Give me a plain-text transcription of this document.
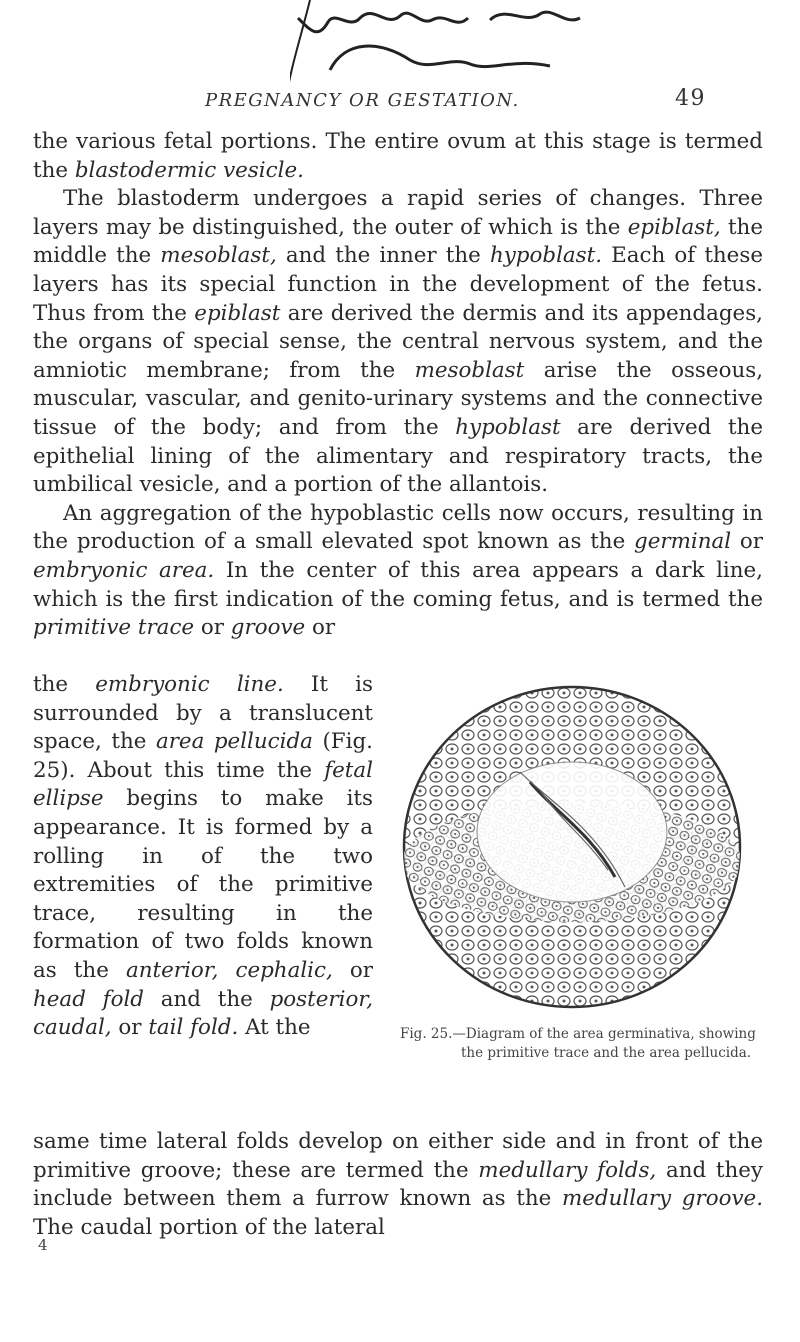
PREGNANCY OR GESTATION.	49

the various fetal portions. The entire ovum at this stage is termed the blastodermic vesicle.

The blastoderm undergoes a rapid series of changes. Three layers may be distinguished, the outer of which is the epiblast, the middle the mesoblast, and the inner the hypoblast. Each of these layers has its special function in the development of the fetus. Thus from the epiblast are derived the dermis and its appendages, the organs of special sense, the central nervous system, and the amniotic membrane; from the mesoblast arise the osseous, muscular, vascular, and genito-urinary systems and the connective tissue of the body; and from the hypoblast are derived the epithelial lining of the alimentary and respiratory tracts, the umbilical vesicle, and a portion of the allantois.

An aggregation of the hypoblastic cells now occurs, resulting in the production of a small elevated spot known as the germinal or embryonic area. In the center of this area appears a dark line, which is the first indication of the coming fetus, and is termed the primitive trace or groove or

the embryonic line. It is surrounded by a translucent space, the area pellucida (Fig. 25). About this time the fetal ellipse begins to make its appearance. It is formed by a rolling in of the two extremities of the primitive trace, resulting in the formation of two folds known as the anterior, cephalic, or head fold and the posterior, caudal, or tail fold. At the	Fig. 25.—Diagram of the area germinativa, showing the primitive trace and the area pellucida.

same time lateral folds develop on either side and in front of the primitive groove; these are termed the medullary folds, and they include between them a furrow known as the medullary groove. The caudal portion of the lateral

4
